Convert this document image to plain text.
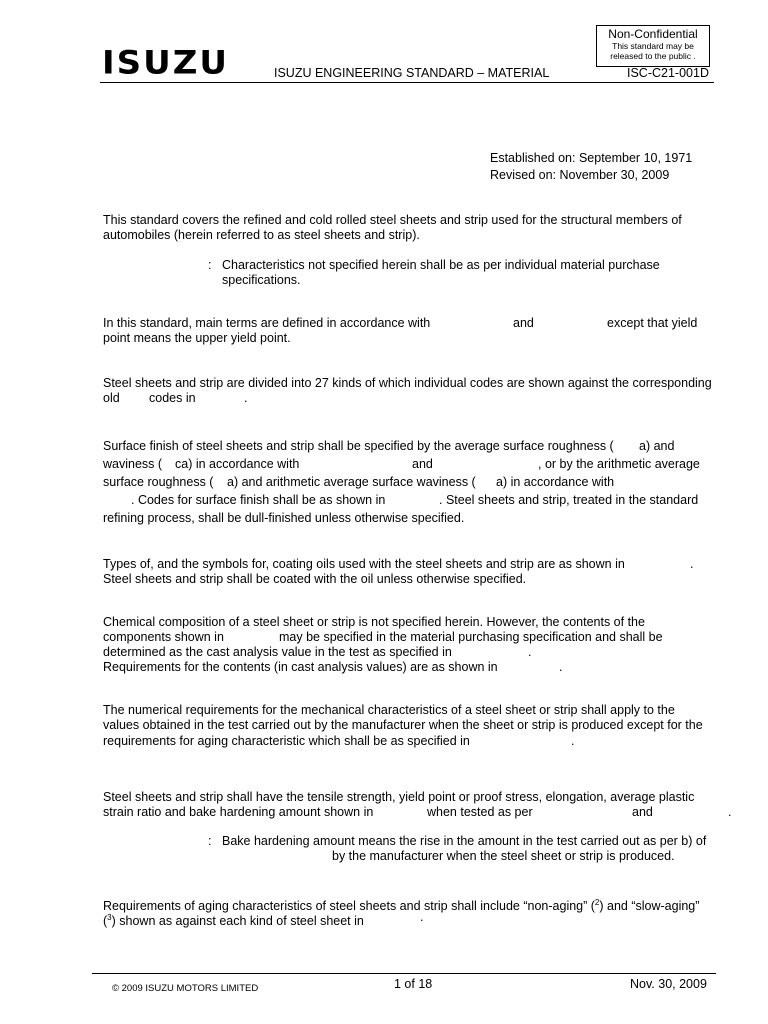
Non-Confidential
This standard may be
released to the public .
ISUZU	ISUZU ENGINEERING STANDARD – MATERIAL	ISC-C21-001D
Established on: September 10, 1971
Revised on: November 30, 2009
This standard covers the refined and cold rolled steel sheets and strip used for the structural members of
automobiles (herein referred to as steel sheets and strip).
: Characteristics not specified herein shall be as per individual material purchase
specifications.
In this standard, main terms are defined in accordance with	and	except that yield
point means the upper yield point.
Steel sheets and strip are divided into 27 kinds of which individual codes are shown against the corresponding
old codes in	.
Surface finish of steel sheets and strip shall be specified by the average surface roughness ( a) and
waviness ( ca) in accordance with	and	, or by the arithmetic average
surface roughness ( a) and arithmetic average surface waviness ( a) in accordance with
. Codes for surface finish shall be as shown in	. Steel sheets and strip, treated in the standard
refining process, shall be dull-finished unless otherwise specified.
Types of, and the symbols for, coating oils used with the steel sheets and strip are as shown in	.
Steel sheets and strip shall be coated with the oil unless otherwise specified.
Chemical composition of a steel sheet or strip is not specified herein. However, the contents of the
components shown in	may be specified in the material purchasing specification and shall be
determined as the cast analysis value in the test as specified in	.
Requirements for the contents (in cast analysis values) are as shown in	.
The numerical requirements for the mechanical characteristics of a steel sheet or strip shall apply to the
values obtained in the test carried out by the manufacturer when the sheet or strip is produced except for the
requirements for aging characteristic which shall be as specified in	.
Steel sheets and strip shall have the tensile strength, yield point or proof stress, elongation, average plastic
strain ratio and bake hardening amount shown in	when tested as per	and	.
: Bake hardening amount means the rise in the amount in the test carried out as per b) of
by the manufacturer when the steel sheet or strip is produced.
Requirements of aging characteristics of steel sheets and strip shall include “non-aging” ($^2$) and “slow-aging”
($^3$) shown as against each kind of steel sheet in	.
© 2009 ISUZU MOTORS LIMITED	1 of 18	Nov. 30, 2009
